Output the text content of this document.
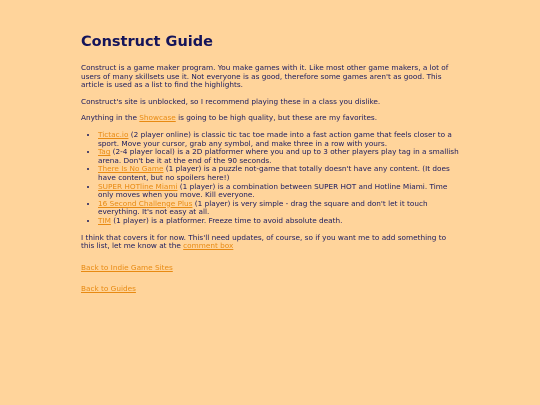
Construct Guide

Construct is a game maker program. You make games with it. Like most other game makers, a lot of users of many skillsets use it. Not everyone is as good, therefore some games aren't as good. This article is used as a list to find the highlights.

Construct's site is unblocked, so I recommend playing these in a class you dislike.

Anything in the Showcase is going to be high quality, but these are my favorites.

• Tictac.io (2 player online) is classic tic tac toe made into a fast action game that feels closer to a sport. Move your cursor, grab any symbol, and make three in a row with yours.
• Tag (2-4 player local) is a 2D platformer where you and up to 3 other players play tag in a smallish arena. Don't be it at the end of the 90 seconds.
• There Is No Game (1 player) is a puzzle not-game that totally doesn't have any content. (It does have content, but no spoilers here!)
• SUPER HOTline Miami (1 player) is a combination between SUPER HOT and Hotline Miami. Time only moves when you move. Kill everyone.
• 16 Second Challenge Plus (1 player) is very simple - drag the square and don't let it touch everything. It's not easy at all.
• TIM (1 player) is a platformer. Freeze time to avoid absolute death.

I think that covers it for now. This'll need updates, of course, so if you want me to add something to this list, let me know at the comment box

Back to Indie Game Sites

Back to Guides
